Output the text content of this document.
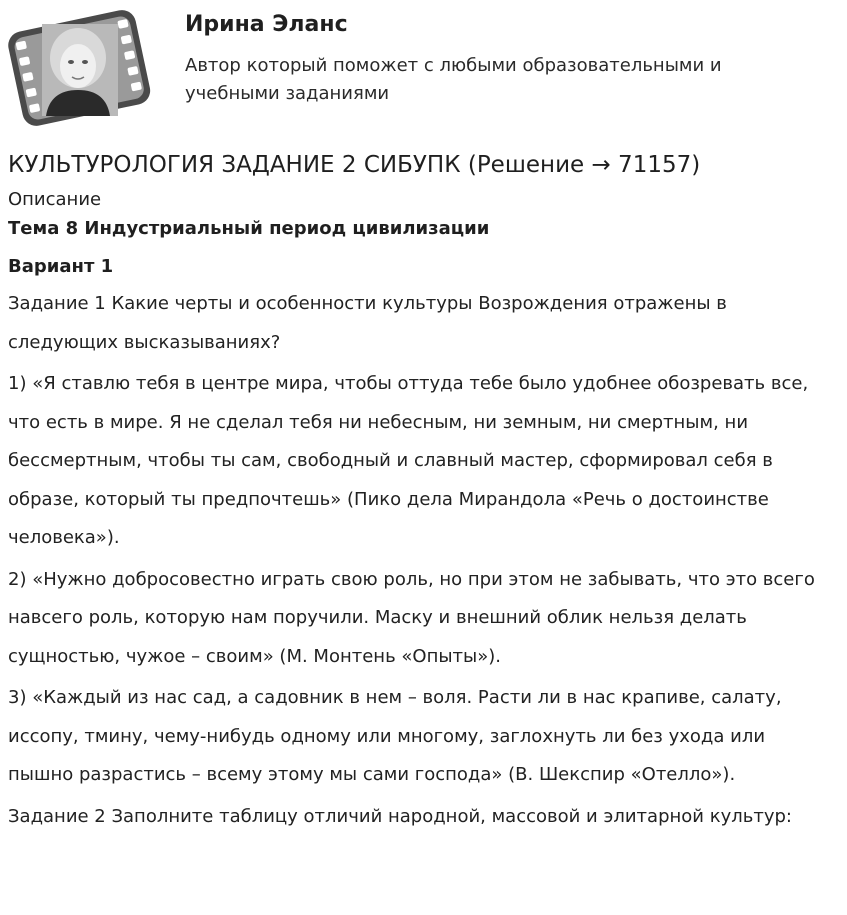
Ирина Эланс
Автор который поможет с любыми образовательными и учебными заданиями
КУЛЬТУРОЛОГИЯ ЗАДАНИЕ 2 СИБУПК (Решение → 71157)
Описание
Тема 8 Индустриальный период цивилизации
Вариант 1

Задание 1 Какие черты и особенности культуры Возрождения отражены в следующих высказываниях?

1) «Я ставлю тебя в центре мира, чтобы оттуда тебе было удобнее обозревать все, что есть в мире. Я не сделал тебя ни небесным, ни земным, ни смертным, ни бессмертным, чтобы ты сам, свободный и славный мастер, сформировал себя в образе, который ты предпочтешь» (Пико дела Мирандола «Речь о достоинстве человека»).

2) «Нужно добросовестно играть свою роль, но при этом не забывать, что это всего навсего роль, которую нам поручили. Маску и внешний облик нельзя делать сущностью, чужое – своим» (М. Монтень «Опыты»).

3) «Каждый из нас сад, а садовник в нем – воля. Расти ли в нас крапиве, салату, иссопу, тмину, чему-нибудь одному или многому, заглохнуть ли без ухода или пышно разрастись – всему этому мы сами господа» (В. Шекспир «Отелло»).

Задание 2 Заполните таблицу отличий народной, массовой и элитарной культур:
